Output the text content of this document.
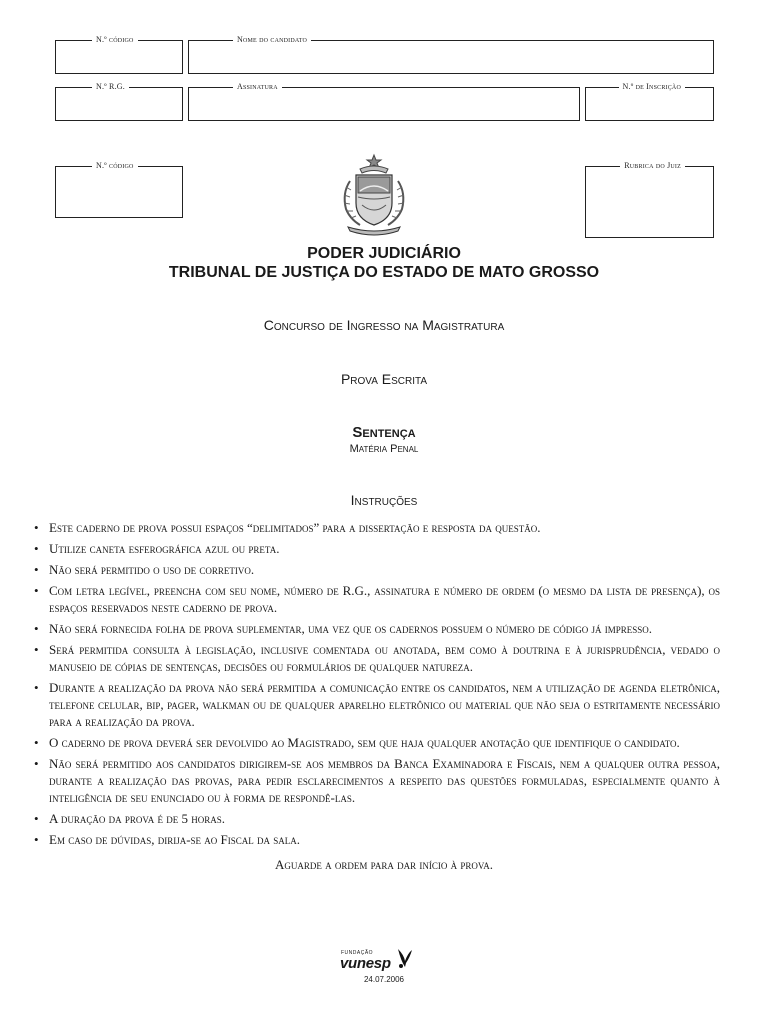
N.º código	Nome do candidato
N.º R.G.	Assinatura	N.º de Inscrição
N.º código	Rubrica do Juiz
PODER JUDICIÁRIO
TRIBUNAL DE JUSTIÇA DO ESTADO DE MATO GROSSO
Concurso de Ingresso na Magistratura
Prova Escrita
Sentença
Matéria Penal
Instruções
• Este caderno de prova possui espaços “delimitados” para a dissertação e resposta da questão.
• Utilize caneta esferográfica azul ou preta.
• Não será permitido o uso de corretivo.
• Com letra legível, preencha com seu nome, número de R.G., assinatura e número de ordem (o mesmo da lista de presença), os espaços reservados neste caderno de prova.
• Não será fornecida folha de prova suplementar, uma vez que os cadernos possuem o número de código já impresso.
• Será permitida consulta à legislação, inclusive comentada ou anotada, bem como à doutrina e à jurisprudência, vedado o manuseio de cópias de sentenças, decisões ou formulários de qualquer natureza.
• Durante a realização da prova não será permitida a comunicação entre os candidatos, nem a utilização de agenda eletrônica, telefone celular, bip, pager, walkman ou de qualquer aparelho eletrônico ou material que não seja o estritamente necessário para a realização da prova.
• O caderno de prova deverá ser devolvido ao Magistrado, sem que haja qualquer anotação que identifique o candidato.
• Não será permitido aos candidatos dirigirem-se aos membros da Banca Examinadora e Fiscais, nem a qualquer outra pessoa, durante a realização das provas, para pedir esclarecimentos a respeito das questões formuladas, especialmente quanto à inteligência de seu enunciado ou à forma de respondê-las.
• A duração da prova é de 5 horas.
• Em caso de dúvidas, dirija-se ao Fiscal da sala.
Aguarde a ordem para dar início à prova.
FUNDAÇÃO
vunesp
24.07.2006
